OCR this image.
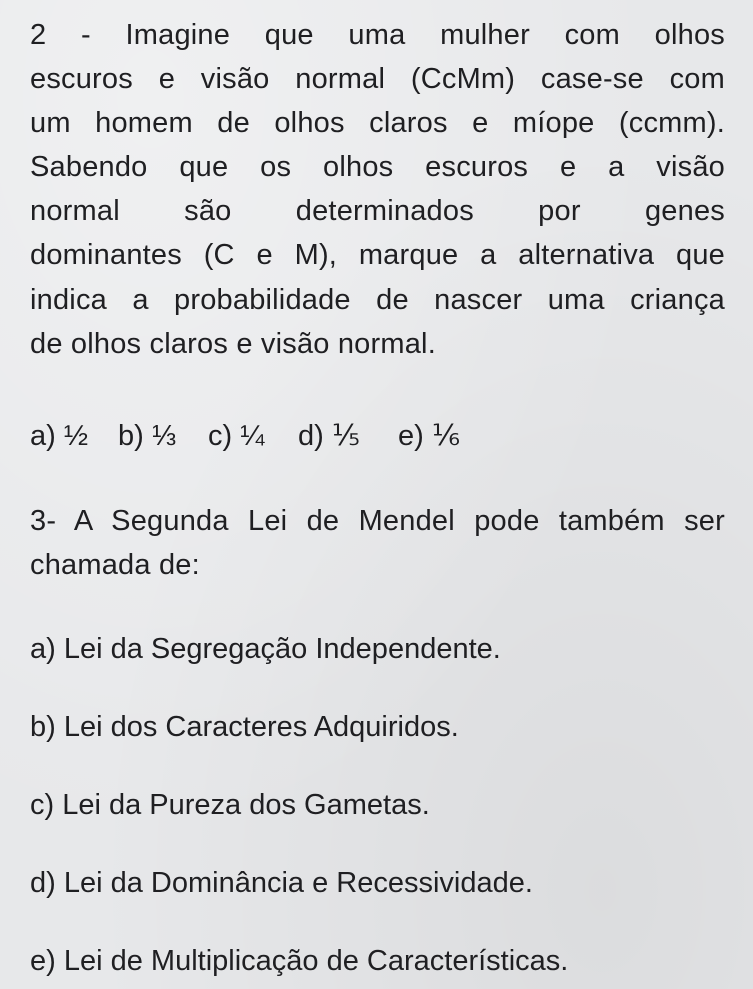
2 - Imagine que uma mulher com olhos
escuros e visão normal (CcMm) case-se com
um homem de olhos claros e míope (ccmm).
Sabendo que os olhos escuros e a visão
normal são determinados por genes
dominantes (C e M), marque a alternativa que
indica a probabilidade de nascer uma criança
de olhos claros e visão normal.
a) ½ b) ⅓ c) ¼ d) ⅕ e) ⅙
3- A Segunda Lei de Mendel pode também ser
chamada de:
a) Lei da Segregação Independente.
b) Lei dos Caracteres Adquiridos.
c) Lei da Pureza dos Gametas.
d) Lei da Dominância e Recessividade.
e) Lei de Multiplicação de Características.
